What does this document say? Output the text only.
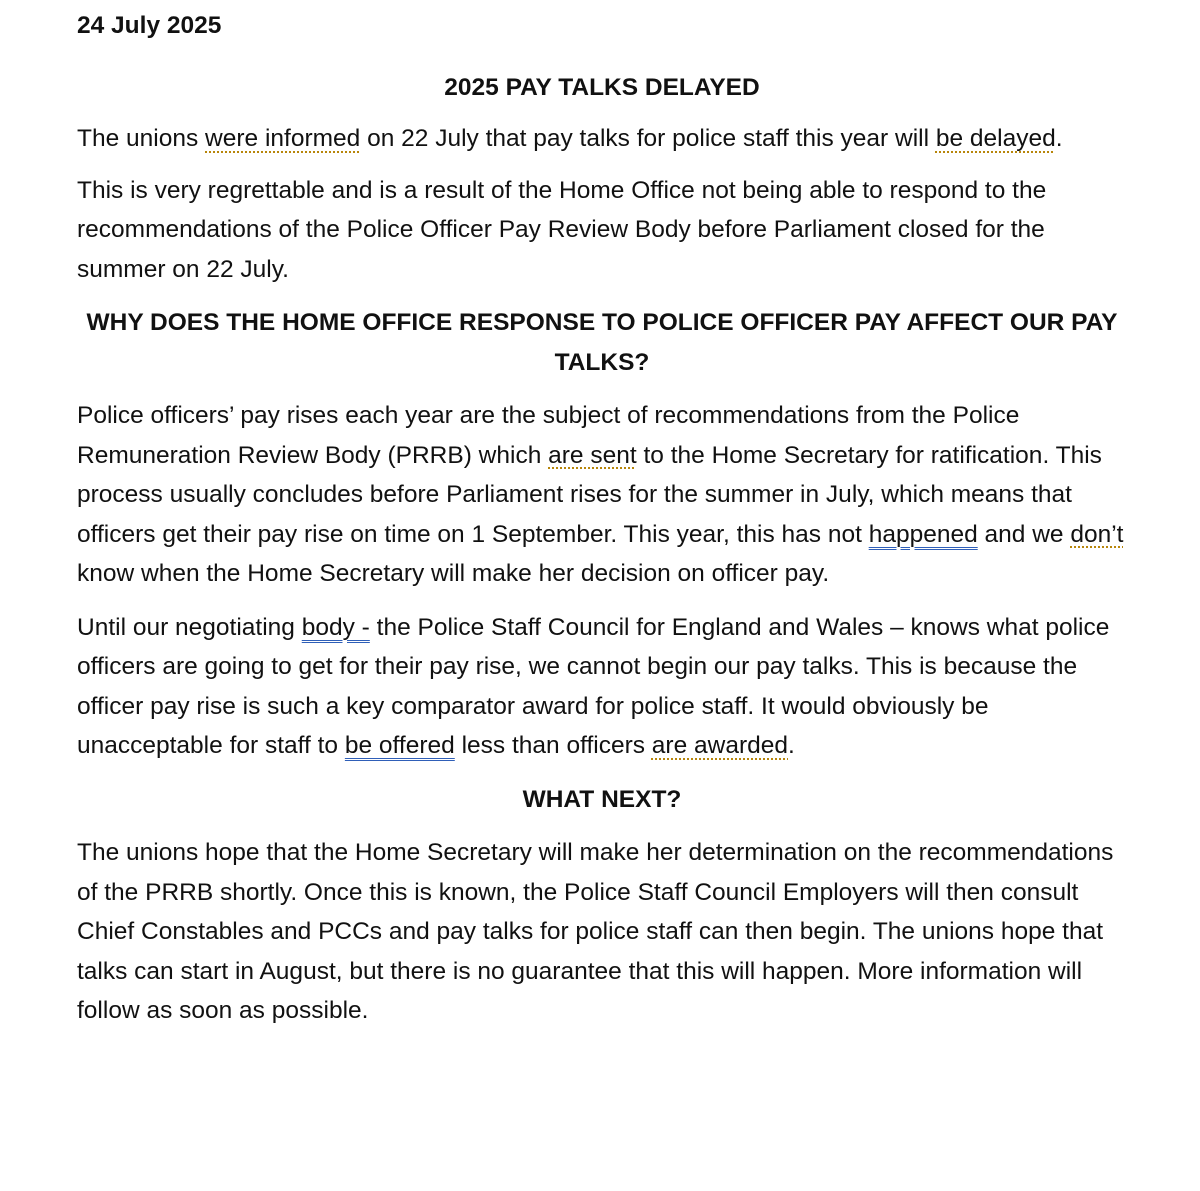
24 July 2025
2025 PAY TALKS DELAYED

The unions were informed on 22 July that pay talks for police staff this year will be delayed.

This is very regrettable and is a result of the Home Office not being able to respond to the recommendations of the Police Officer Pay Review Body before Parliament closed for the summer on 22 July.

WHY DOES THE HOME OFFICE RESPONSE TO POLICE OFFICER PAY AFFECT OUR PAY TALKS?

Police officers’ pay rises each year are the subject of recommendations from the Police Remuneration Review Body (PRRB) which are sent to the Home Secretary for ratification. This process usually concludes before Parliament rises for the summer in July, which means that officers get their pay rise on time on 1 September. This year, this has not happened and we don’t know when the Home Secretary will make her decision on officer pay.

Until our negotiating body - the Police Staff Council for England and Wales – knows what police officers are going to get for their pay rise, we cannot begin our pay talks. This is because the officer pay rise is such a key comparator award for police staff. It would obviously be unacceptable for staff to be offered less than officers are awarded.

WHAT NEXT?

The unions hope that the Home Secretary will make her determination on the recommendations of the PRRB shortly. Once this is known, the Police Staff Council Employers will then consult Chief Constables and PCCs and pay talks for police staff can then begin. The unions hope that talks can start in August, but there is no guarantee that this will happen. More information will follow as soon as possible.
